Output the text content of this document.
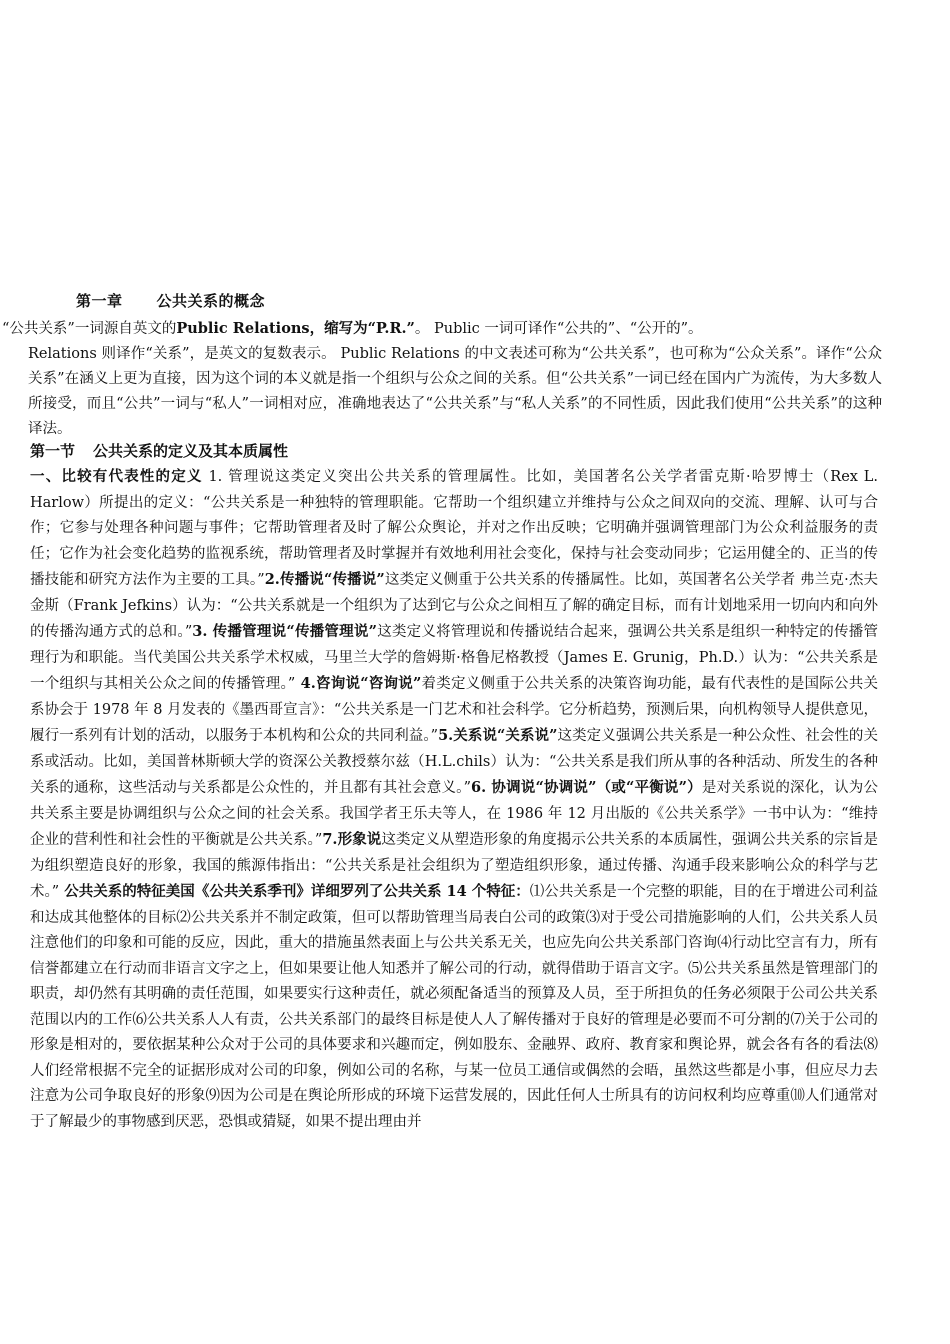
第一章 公共关系的概念
“公共关系”一词源自英文的Public Relations，缩写为“P.R.”。 Public 一词可译作“公共的”、“公开的”。
Relations 则译作“关系”，是英文的复数表示。 Public Relations 的中文表述可称为“公共关系”，也可称为“公众关系”。译作“公众关系”在涵义上更为直接，因为这个词的本义就是指一个组织与公众之间的关系。但“公共关系”一词已经在国内广为流传，为大多数人所接受，而且“公共”一词与“私人”一词相对应，准确地表达了“公共关系”与“私人关系”的不同性质，因此我们使用“公共关系”的这种译法。
第一节 公共关系的定义及其本质属性
一、比较有代表性的定义 1. 管理说这类定义突出公共关系的管理属性。比如，美国著名公关学者雷克斯·哈罗博士（Rex L. Harlow）所提出的定义：“公共关系是一种独特的管理职能。它帮助一个组织建立并维持与公众之间双向的交流、理解、认可与合作；它参与处理各种问题与事件；它帮助管理者及时了解公众舆论，并对之作出反映；它明确并强调管理部门为公众利益服务的责任；它作为社会变化趋势的监视系统，帮助管理者及时掌握并有效地利用社会变化，保持与社会变动同步；它运用健全的、正当的传播技能和研究方法作为主要的工具。”2.传播说“传播说”这类定义侧重于公共关系的传播属性。比如，英国著名公关学者 弗兰克·杰夫金斯（Frank Jefkins）认为：“公共关系就是一个组织为了达到它与公众之间相互了解的确定目标，而有计划地采用一切向内和向外的传播沟通方式的总和。”3. 传播管理说“传播管理说”这类定义将管理说和传播说结合起来，强调公共关系是组织一种特定的传播管理行为和职能。当代美国公共关系学术权威，马里兰大学的詹姆斯·格鲁尼格教授（James E. Grunig，Ph.D.）认为：“公共关系是一个组织与其相关公众之间的传播管理。” 4.咨询说“咨询说”着类定义侧重于公共关系的决策咨询功能，最有代表性的是国际公共关系协会于 1978 年 8 月发表的《墨西哥宣言》：“公共关系是一门艺术和社会科学。它分析趋势，预测后果，向机构领导人提供意见，履行一系列有计划的活动，以服务于本机构和公众的共同利益。”5.关系说“关系说”这类定义强调公共关系是一种公众性、社会性的关系或活动。比如，美国普林斯顿大学的资深公关教授蔡尔兹（H.L.chils）认为：“公共关系是我们所从事的各种活动、所发生的各种关系的通称，这些活动与关系都是公众性的，并且都有其社会意义。”6. 协调说“协调说”（或“平衡说”）是对关系说的深化，认为公共关系主要是协调组织与公众之间的社会关系。我国学者王乐夫等人，在 1986 年 12 月出版的《公共关系学》一书中认为：“维持企业的营利性和社会性的平衡就是公共关系。”7.形象说这类定义从塑造形象的角度揭示公共关系的本质属性，强调公共关系的宗旨是为组织塑造良好的形象，我国的熊源伟指出：“公共关系是社会组织为了塑造组织形象，通过传播、沟通手段来影响公众的科学与艺术。” 公共关系的特征美国《公共关系季刊》详细罗列了公共关系 14 个特征：⑴公共关系是一个完整的职能，目的在于增进公司利益和达成其他整体的目标⑵公共关系并不制定政策，但可以帮助管理当局表白公司的政策⑶对于受公司措施影响的人们，公共关系人员注意他们的印象和可能的反应，因此，重大的措施虽然表面上与公共关系无关，也应先向公共关系部门咨询⑷行动比空言有力，所有信誉都建立在行动而非语言文字之上，但如果要让他人知悉并了解公司的行动，就得借助于语言文字。⑸公共关系虽然是管理部门的职责，却仍然有其明确的责任范围，如果要实行这种责任，就必须配备适当的预算及人员，至于所担负的任务必须限于公司公共关系范围以内的工作⑹公共关系人人有责，公共关系部门的最终目标是使人人了解传播对于良好的管理是必要而不可分割的⑺关于公司的形象是相对的，要依据某种公众对于公司的具体要求和兴趣而定，例如股东、金融界、政府、教育家和舆论界，就会各有各的看法⑻人们经常根据不完全的证据形成对公司的印象，例如公司的名称，与某一位员工通信或偶然的会晤，虽然这些都是小事，但应尽力去注意为公司争取良好的形象⑼因为公司是在舆论所形成的环境下运营发展的，因此任何人士所具有的访问权利均应尊重⑽人们通常对于了解最少的事物感到厌恶，恐惧或猜疑，如果不提出理由并
